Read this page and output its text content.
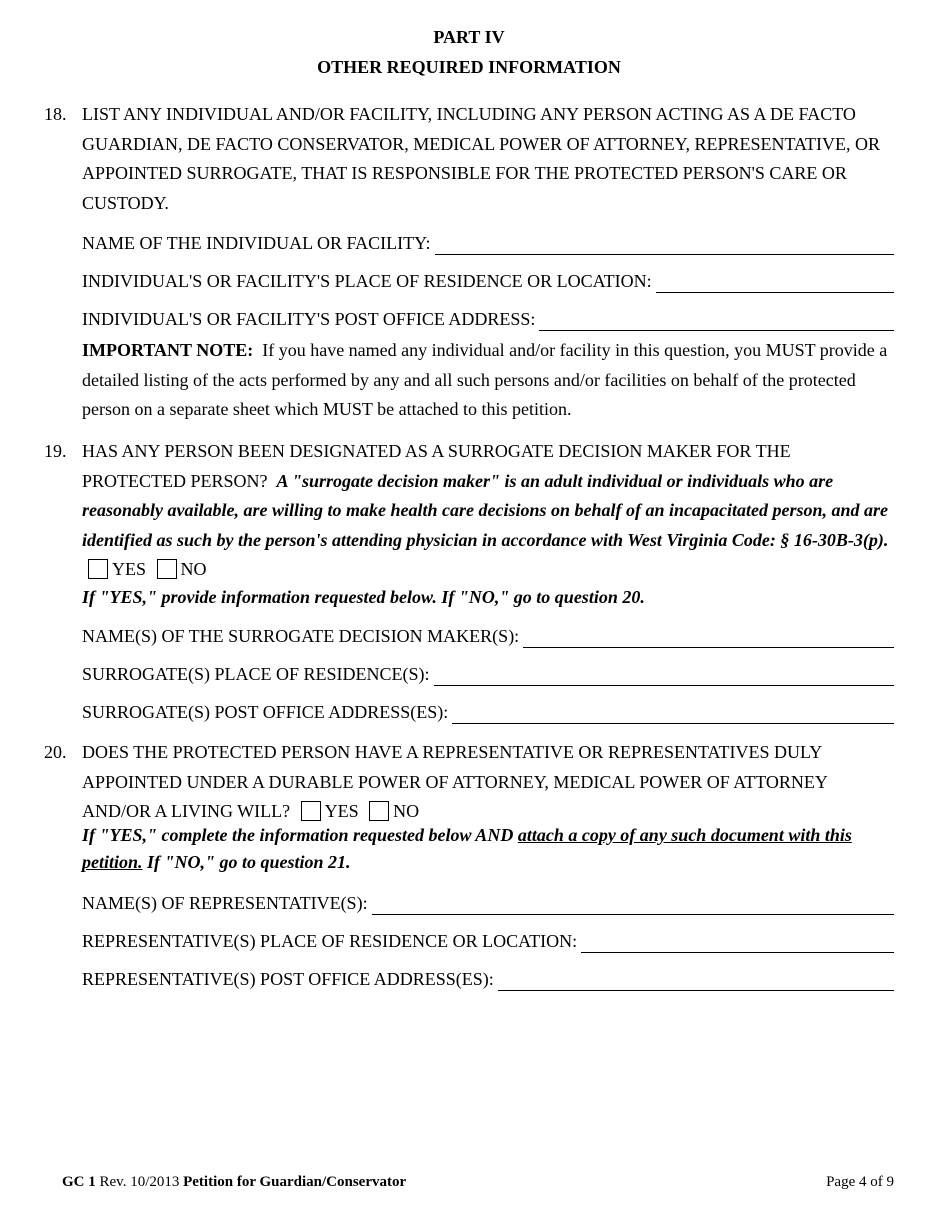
PART IV
OTHER REQUIRED INFORMATION
18. LIST ANY INDIVIDUAL AND/OR FACILITY, INCLUDING ANY PERSON ACTING AS A DE FACTO GUARDIAN, DE FACTO CONSERVATOR, MEDICAL POWER OF ATTORNEY, REPRESENTATIVE, OR APPOINTED SURROGATE, THAT IS RESPONSIBLE FOR THE PROTECTED PERSON'S CARE OR CUSTODY.
NAME OF THE INDIVIDUAL OR FACILITY:
INDIVIDUAL'S OR FACILITY'S PLACE OF RESIDENCE OR LOCATION:
INDIVIDUAL'S OR FACILITY'S POST OFFICE ADDRESS:
IMPORTANT NOTE: If you have named any individual and/or facility in this question, you MUST provide a detailed listing of the acts performed by any and all such persons and/or facilities on behalf of the protected person on a separate sheet which MUST be attached to this petition.
19. HAS ANY PERSON BEEN DESIGNATED AS A SURROGATE DECISION MAKER FOR THE PROTECTED PERSON? A "surrogate decision maker" is an adult individual or individuals who are reasonably available, are willing to make health care decisions on behalf of an incapacitated person, and are identified as such by the person's attending physician in accordance with West Virginia Code: § 16-30B-3(p). YES NO
If "YES," provide information requested below. If "NO," go to question 20.
NAME(S) OF THE SURROGATE DECISION MAKER(S):
SURROGATE(S) PLACE OF RESIDENCE(S):
SURROGATE(S) POST OFFICE ADDRESS(ES):
20. DOES THE PROTECTED PERSON HAVE A REPRESENTATIVE OR REPRESENTATIVES DULY APPOINTED UNDER A DURABLE POWER OF ATTORNEY, MEDICAL POWER OF ATTORNEY AND/OR A LIVING WILL? YES NO
If "YES," complete the information requested below AND attach a copy of any such document with this petition. If "NO," go to question 21.
NAME(S) OF REPRESENTATIVE(S):
REPRESENTATIVE(S) PLACE OF RESIDENCE OR LOCATION:
REPRESENTATIVE(S) POST OFFICE ADDRESS(ES):
GC 1 Rev. 10/2013 Petition for Guardian/Conservator	Page 4 of 9
